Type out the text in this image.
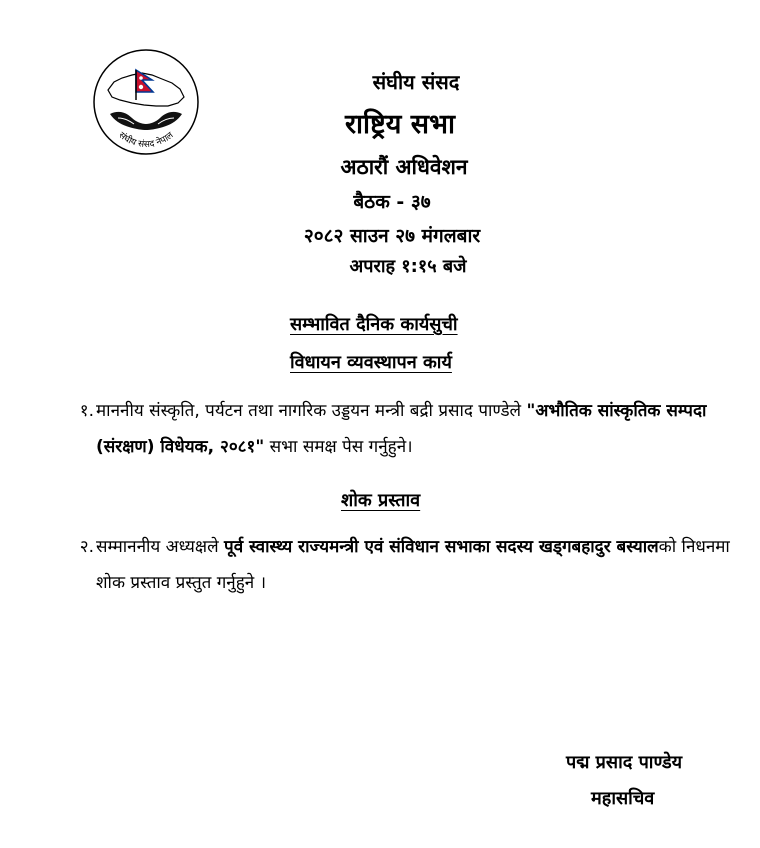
संघीय संसद नेपाल
संघीय संसद
राष्ट्रिय सभा
अठारौं अधिवेशन
बैठक - ३७
२०८२ साउन २७ मंगलबार
अपराह १:१५ बजे
सम्भावित दैनिक कार्यसुची
विधायन व्यवस्थापन कार्य
१. माननीय संस्कृति, पर्यटन तथा नागरिक उड्डयन मन्त्री बद्री प्रसाद पाण्डेले "अभौतिक सांस्कृतिक सम्पदा (संरक्षण) विधेयक, २०८१" सभा समक्ष पेस गर्नुहुने।
शोक प्रस्ताव
२. सम्माननीय अध्यक्षले पूर्व स्वास्थ्य राज्यमन्त्री एवं संविधान सभाका सदस्य खड्गबहादुर बस्यालको निधनमा शोक प्रस्ताव प्रस्तुत गर्नुहुने ।
पद्म प्रसाद पाण्डेय
महासचिव
